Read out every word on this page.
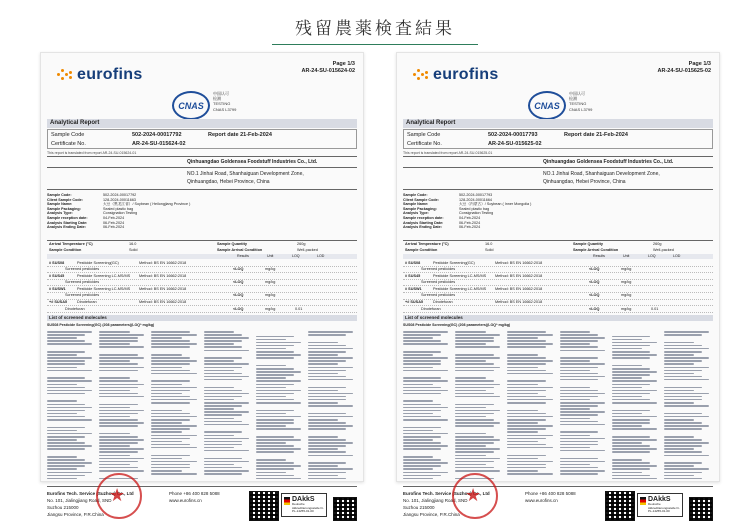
残留農薬検査結果
eurofins
Page 1/3
AR-24-SU-015624-02
CNAS
中国认可
检测
TESTING
CNAS L3799
Analytical Report
Sample Code	502-2024-00017792	Report date 21-Feb-2024
Certificate No.	AR-24-SU-015624-02
This report is translated from report AR-24-SU-015624-01
Qinhuangdao Goldensea Foodstuff Industries Co., Ltd.
NO.1 Jinhai Road, Shanhaiguan Development Zone,
Qinhuangdao, Hebei Province, China
Sample Code:	502-2024-00017792
Client Sample Code:	128-2024-00011663
Sample Name:	大豆（黑龙江省）/ Soybean ( Heilongjiang Province )
Sample Packaging:	Sealed plastic bag
Analysis Type:	Consignation Testing
Sample reception date:	04-Feb-2024
Analysis Starting Date:	06-Feb-2024
Analysis Ending Date:	06-Feb-2024
Arrival Temperature (°C)	16.0	Sample Quantity	260g
Sample Condition	Solid	Sample Arrival Condition	Well-packed
Results	Unit	LOQ	LOD
# SUS08	Pesticide Screening(GC)	Method: BS EN 16662:2018
Screened pesticides	<LOQ	mg/kg
# SUS45	Pesticide Screening LC-MS/MS Method: BS EN 16662:2018
Screened pesticides	<LOQ	mg/kg
# SUSW1	Pesticide Screening LC-MS/MS Method: BS EN 16662:2018
Screened pesticides	<LOQ	mg/kg
+# SUSA5	Dinotefuran	Method: BS EN 16662:2018
Dinotefuran	<LOQ	mg/kg	0.01
List of screened molecules
SUS08 Pesticide Screening(GC) (208 parameters)(LOQ* mg/kg)
Eurofins Tech. Service (Suzhou) Co., Ltd
No. 101, Jialingjiang Road, SND
Suzhou 215000
Jiangsu Province, P.R.China
★
Phone +86 400 828 5088
www.eurofins.cn	DAkkS
Deutsche Akkreditierungsstelle D-PL-14255-01-00
eurofins
Page 1/3
AR-24-SU-015625-02
CNAS
中国认可
检测
TESTING
CNAS L3799
Analytical Report
Sample Code	502-2024-00017793	Report date 21-Feb-2024
Certificate No.	AR-24-SU-015625-02
This report is translated from report AR-24-SU-015625-01
Qinhuangdao Goldensea Foodstuff Industries Co., Ltd.
NO.1 Jinhai Road, Shanhaiguan Development Zone,
Qinhuangdao, Hebei Province, China
Sample Code:	502-2024-00017793
Client Sample Code:	128-2024-00011664
Sample Name:	大豆（内蒙古）/ Soybean ( Inner Mongolia )
Sample Packaging:	Sealed plastic bag
Analysis Type:	Consignation Testing
Sample reception date:	04-Feb-2024
Analysis Starting Date:	06-Feb-2024
Analysis Ending Date:	06-Feb-2024
Arrival Temperature (°C)	16.0	Sample Quantity	260g
Sample Condition	Solid	Sample Arrival Condition	Well-packed
Results	Unit	LOQ	LOD
# SUS08	Pesticide Screening(GC)	Method: BS EN 16662:2018
Screened pesticides	<LOQ	mg/kg
# SUS45	Pesticide Screening LC-MS/MS Method: BS EN 16662:2018
Screened pesticides	<LOQ	mg/kg
# SUSW1	Pesticide Screening LC-MS/MS Method: BS EN 16662:2018
Screened pesticides	<LOQ	mg/kg
+# SUSA5	Dinotefuran	Method: BS EN 16662:2018
Dinotefuran	<LOQ	mg/kg	0.01
List of screened molecules
SUS08 Pesticide Screening(GC) (208 parameters)(LOQ* mg/kg)
Eurofins Tech. Service (Suzhou) Co., Ltd
No. 101, Jialingjiang Road, SND
Suzhou 215000
Jiangsu Province, P.R.China
★
Phone +86 400 828 5088
www.eurofins.cn	DAkkS
Deutsche Akkreditierungsstelle D-PL-14255-01-00
